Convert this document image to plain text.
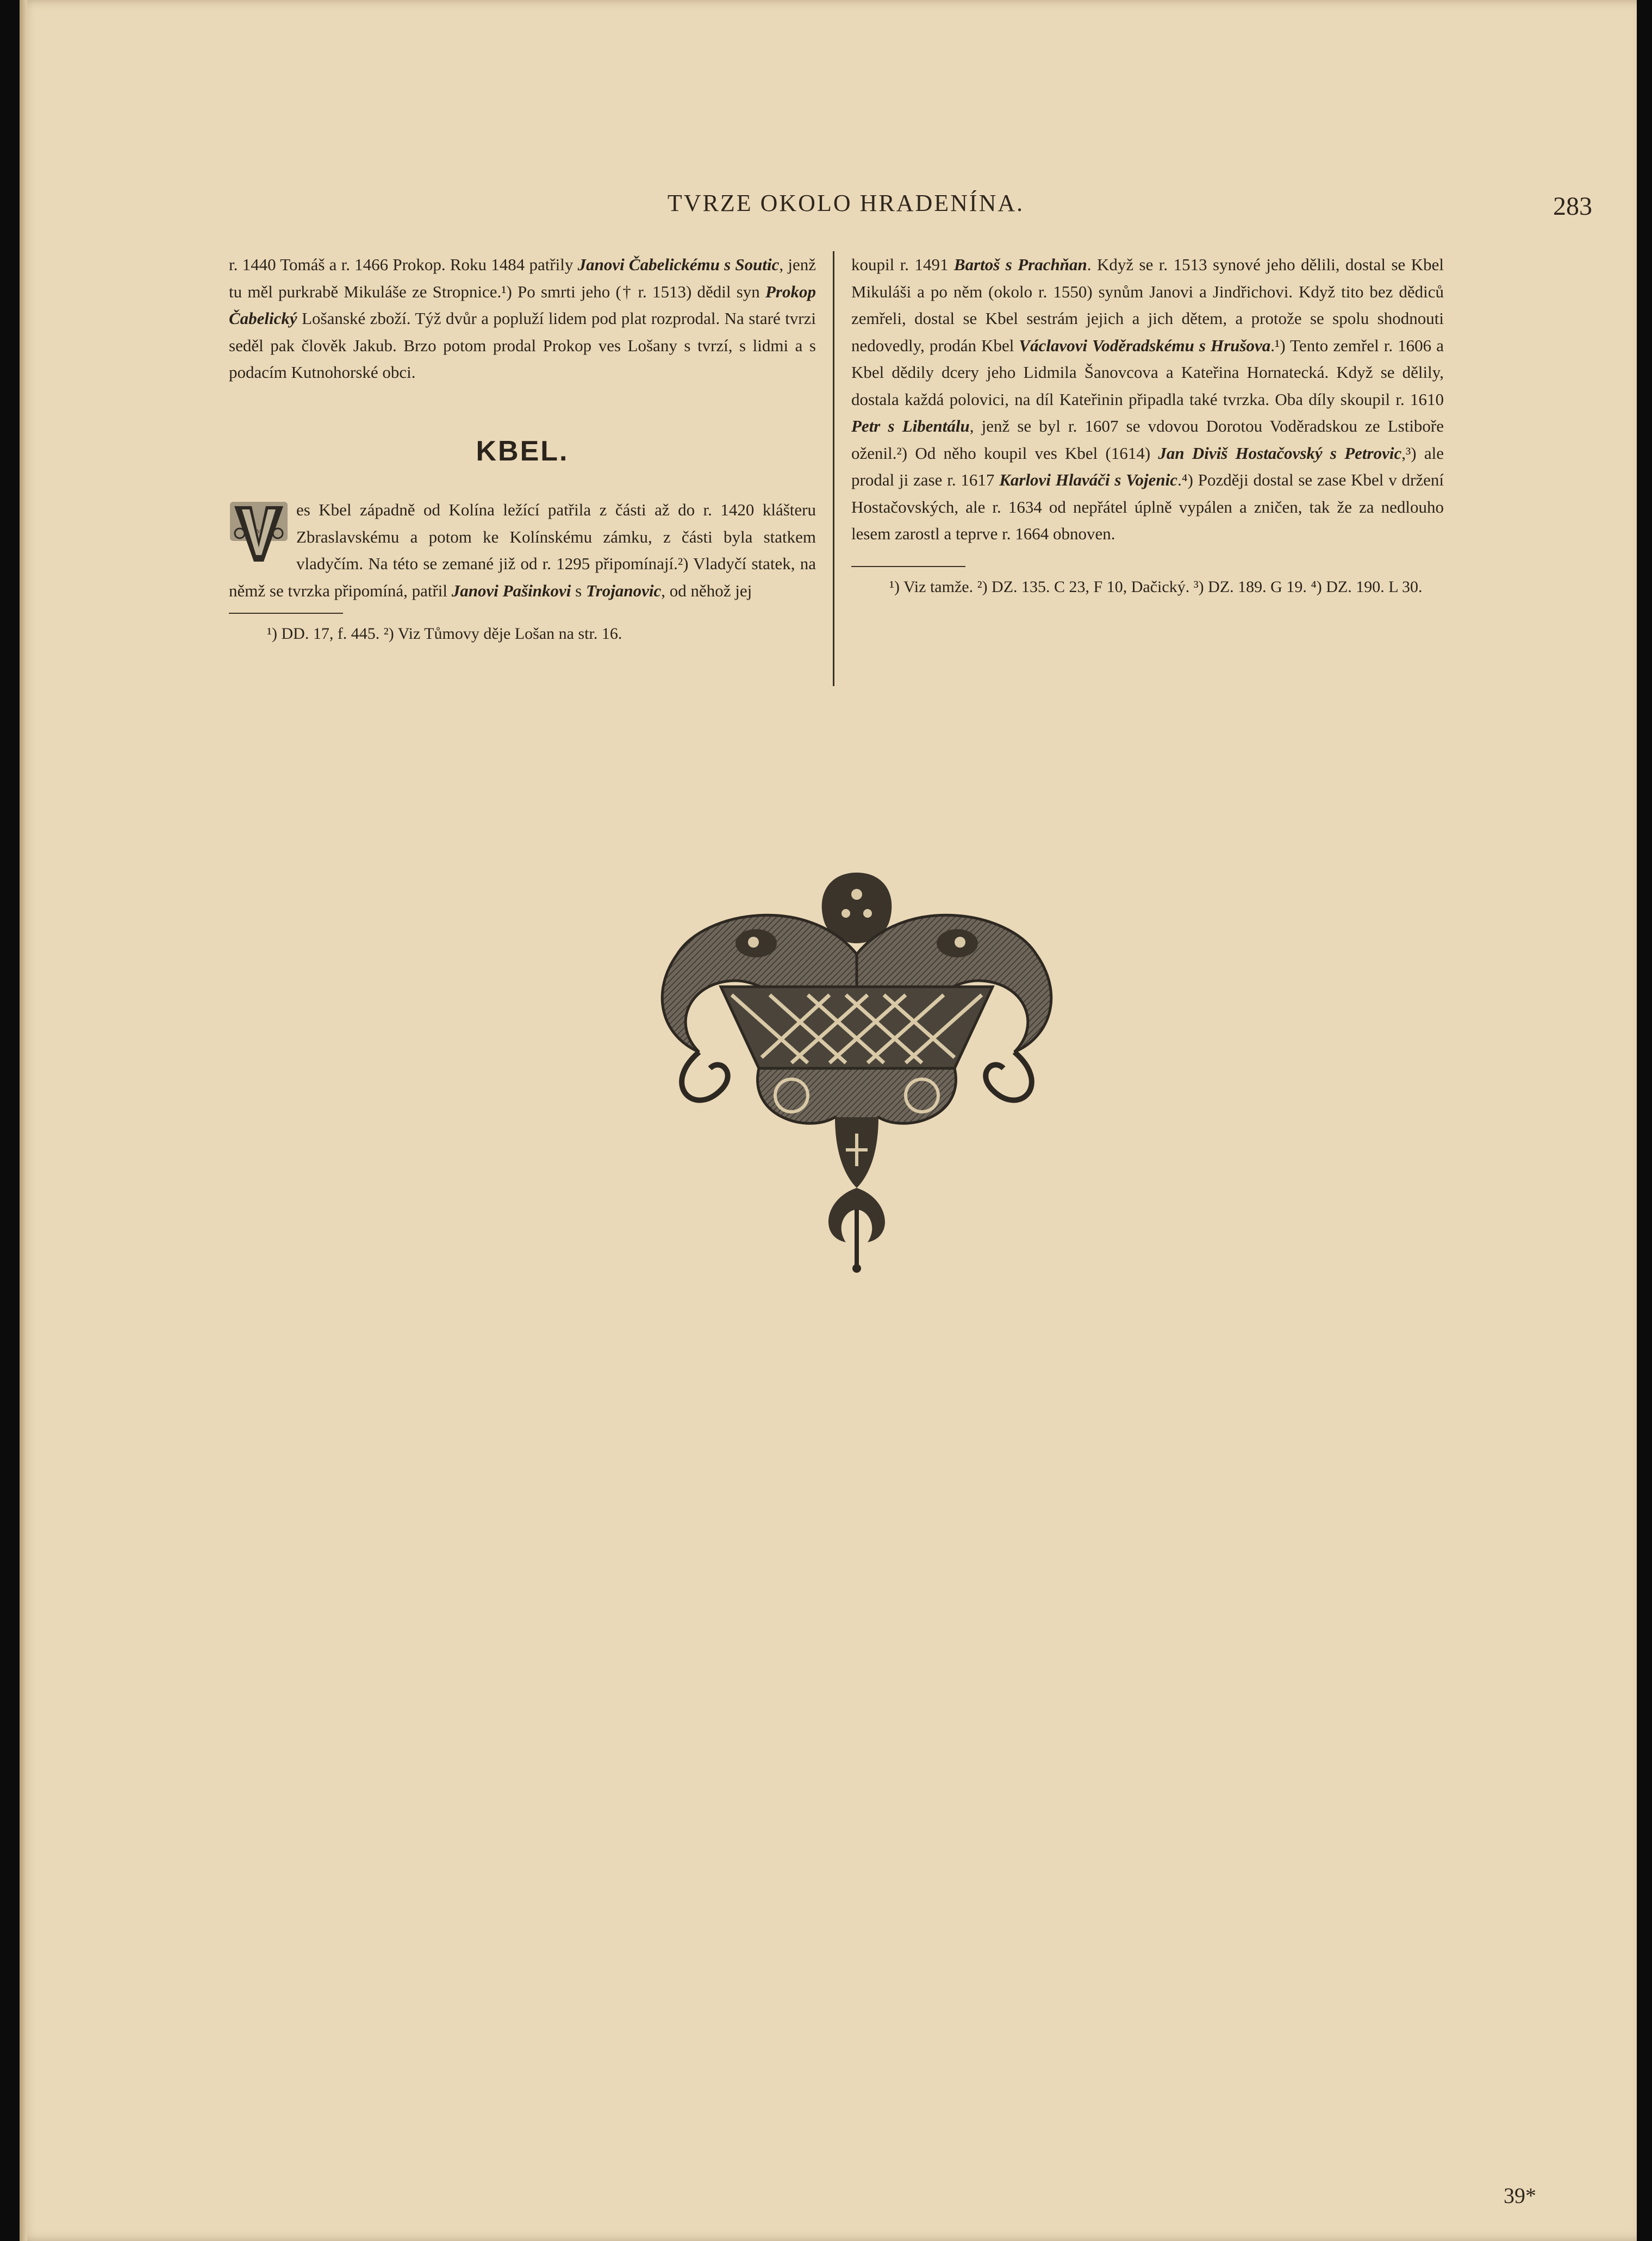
TVRZE OKOLO HRADENÍNA.	283

r. 1440 Tomáš a r. 1466 Prokop. Roku 1484 patřily Janovi Čabelickému s Soutic, jenž tu měl purkrabě Mikuláše ze Stropnice.¹) Po smrti jeho († r. 1513) dědil syn Prokop Čabelický Lošanské zboží. Týž dvůr a popluží lidem pod plat rozprodal. Na staré tvrzi seděl pak člověk Jakub. Brzo potom prodal Prokop ves Lošany s tvrzí, s lidmi a s podacím Kutnohorské obci.

KBEL.

V
es Kbel západně od Kolína ležící patřila z části až do r. 1420 klášteru Zbraslavskému a potom ke Kolínskému zámku, z části byla statkem vladyčím. Na této se zemané již od r. 1295 připomínají.²) Vladyčí statek, na němž se tvrzka připomíná, patřil Janovi Pašinkovi s Trojanovic, od něhož jej

¹) DD. 17, f. 445. ²) Viz Tůmovy děje Lošan na str. 16.

koupil r. 1491 Bartoš s Prachňan. Když se r. 1513 synové jeho dělili, dostal se Kbel Mikuláši a po něm (okolo r. 1550) synům Janovi a Jindřichovi. Když tito bez dědiců zemřeli, dostal se Kbel sestrám jejich a jich dětem, a protože se spolu shodnouti nedovedly, prodán Kbel Václavovi Voděradskému s Hrušova.¹) Tento zemřel r. 1606 a Kbel dědily dcery jeho Lidmila Šanovcova a Kateřina Hornatecká. Když se dělily, dostala každá polovici, na díl Kateřinin připadla také tvrzka. Oba díly skoupil r. 1610 Petr s Libentálu, jenž se byl r. 1607 se vdovou Dorotou Voděradskou ze Lstiboře oženil.²) Od něho koupil ves Kbel (1614) Jan Diviš Hostačovský s Petrovic,³) ale prodal ji zase r. 1617 Karlovi Hlaváči s Vojenic.⁴) Později dostal se zase Kbel v držení Hostačovských, ale r. 1634 od nepřátel úplně vypálen a zničen, tak že za nedlouho lesem zarostl a teprve r. 1664 obnoven.

¹) Viz tamže. ²) DZ. 135. C 23, F 10, Dačický. ³) DZ. 189. G 19. ⁴) DZ. 190. L 30.
39*
